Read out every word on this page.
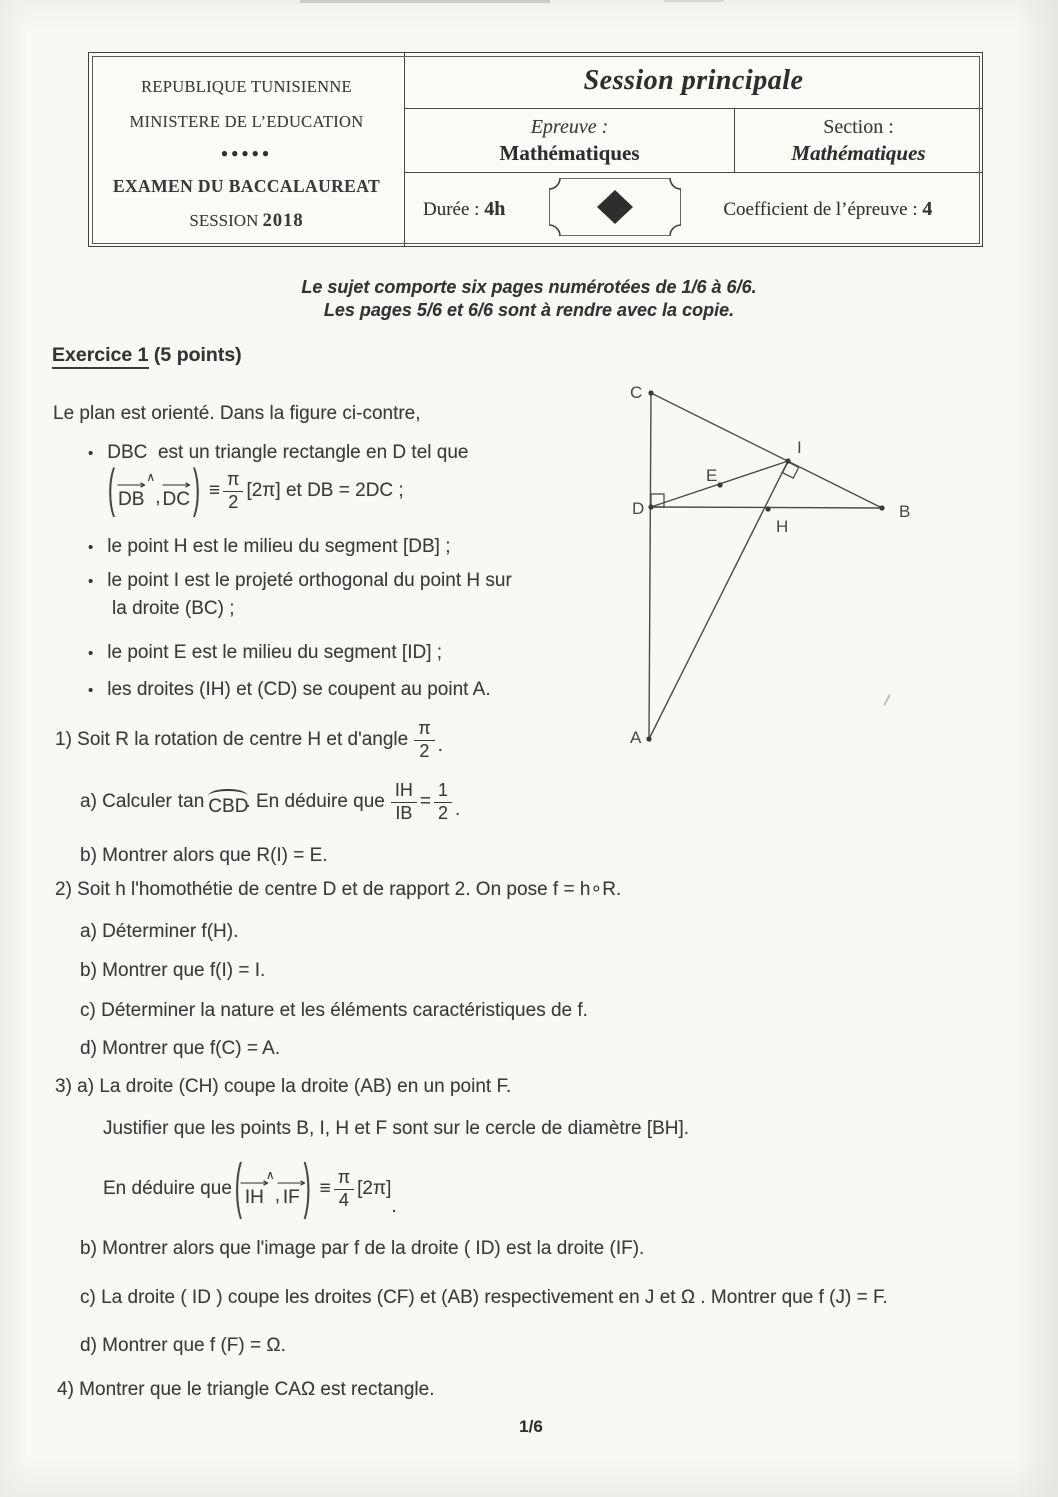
REPUBLIQUE TUNISIENNE
MINISTERE DE L’EDUCATION
●●●●●
EXAMEN DU BACCALAUREAT
SESSION 2018
Session principale
Epreuve :
Mathématiques
Section :
Mathématiques
Durée : 4h	Coefficient de l’épreuve : 4
Le sujet comporte six pages numérotées de 1/6 à 6/6.
Les pages 5/6 et 6/6 sont à rendre avec la copie.
Exercice 1 (5 points)
Le plan est orienté. Dans la figure ci-contre,
• DBC  est un triangle rectangle en D tel que
( ⟶
DB
∧
,
⟶
DC ) ≡ $\frac{\pi}{2} [2\pi]$ et DB = 2DC ;
• le point H est le milieu du segment [DB] ;
• le point I est le projeté orthogonal du point H sur
la droite (BC) ;
• le point E est le milieu du segment [ID] ;
• les droites (IH) et (CD) se coupent au point A.
1) Soit R la rotation de centre H et d'angle $\frac{\pi}{2}$ .
a) Calculer tan CBD
. En déduire que $\frac{IH}{IB} = \frac{1}{2}$ .
b) Montrer alors que R(I) = E.
2) Soit h l'homothétie de centre D et de rapport 2. On pose f = h∘R.
a) Déterminer f(H).
b) Montrer que f(I) = I.
c) Déterminer la nature et les éléments caractéristiques de f.
d) Montrer que f(C) = A.
3) a) La droite (CH) coupe la droite (AB) en un point F.
Justifier que les points B, I, H et F sont sur le cercle de diamètre [BH].
En déduire que (
⟶
IH
∧
,
⟶
IF ) ≡ $\frac{\pi}{4} [2\pi]$
.
b) Montrer alors que l'image par f de la droite ( ID) est la droite (IF).
c) La droite ( ID ) coupe les droites (CF) et (AB) respectivement en J et Ω . Montrer que f (J) = F.
d) Montrer que f (F) = Ω.
4) Montrer que le triangle CAΩ est rectangle.
C
D
A
B
I
H
E
1/6
